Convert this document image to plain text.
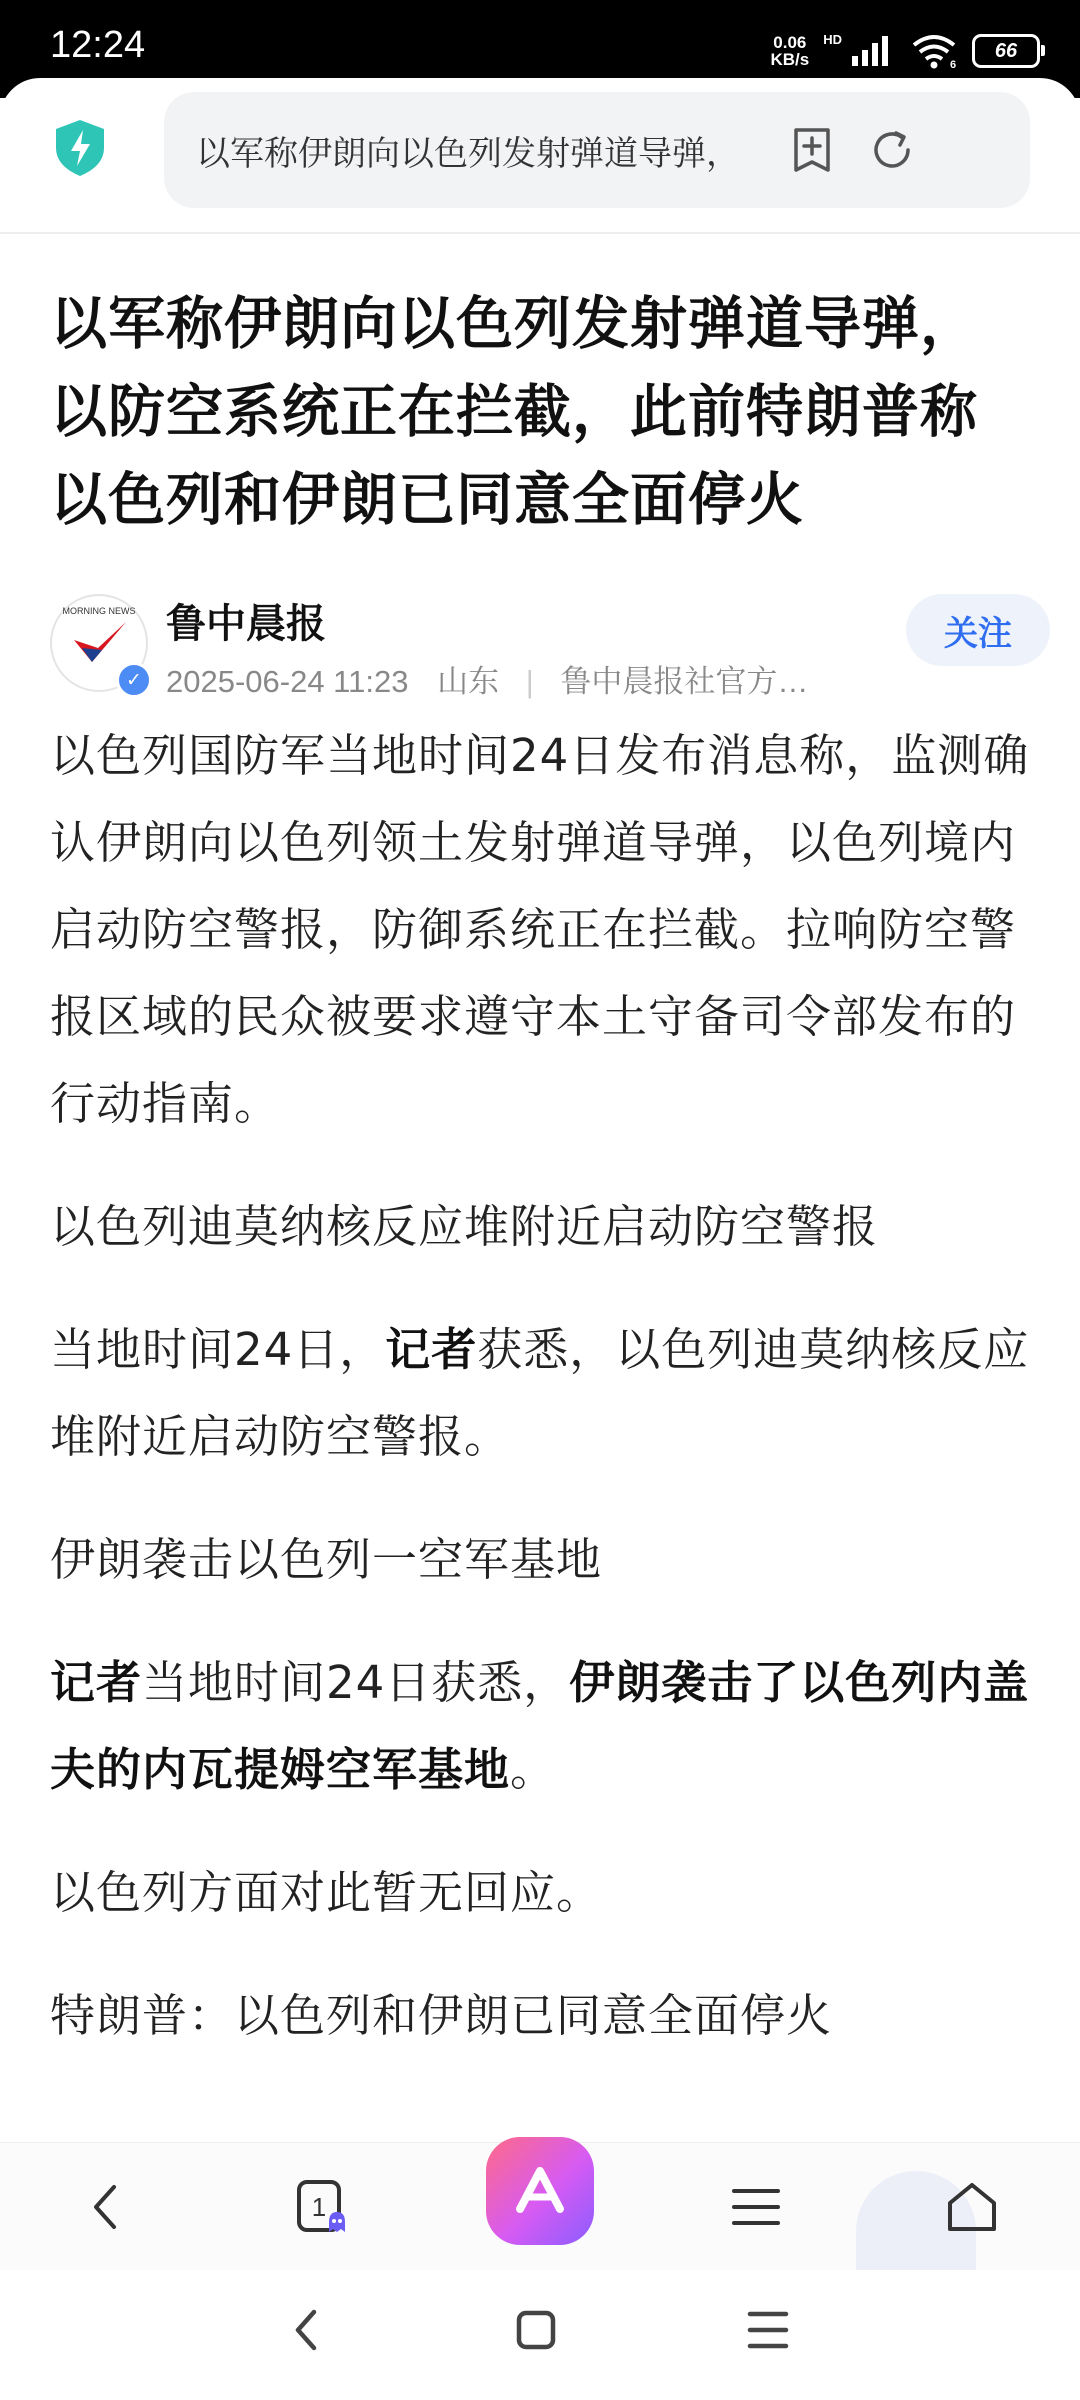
12:24	0.06
KB/s
HD
6
66
以军称伊朗向以色列发射弹道导弹，
以军称伊朗向以色列发射弹道导弹，以防空系统正在拦截，此前特朗普称以色列和伊朗已同意全面停火
MORNING NEWS
✓
鲁中晨报
2025-06-24 11:23 山东 | 鲁中晨报社官方…
关注

以色列国防军当地时间24日发布消息称，监测确认伊朗向以色列领土发射弹道导弹，以色列境内启动防空警报，防御系统正在拦截。拉响防空警报区域的民众被要求遵守本土守备司令部发布的行动指南。

以色列迪莫纳核反应堆附近启动防空警报

当地时间24日，记者获悉，以色列迪莫纳核反应堆附近启动防空警报。

伊朗袭击以色列一空军基地

记者当地时间24日获悉，伊朗袭击了以色列内盖夫的内瓦提姆空军基地。

以色列方面对此暂无回应。

特朗普：以色列和伊朗已同意全面停火

1
